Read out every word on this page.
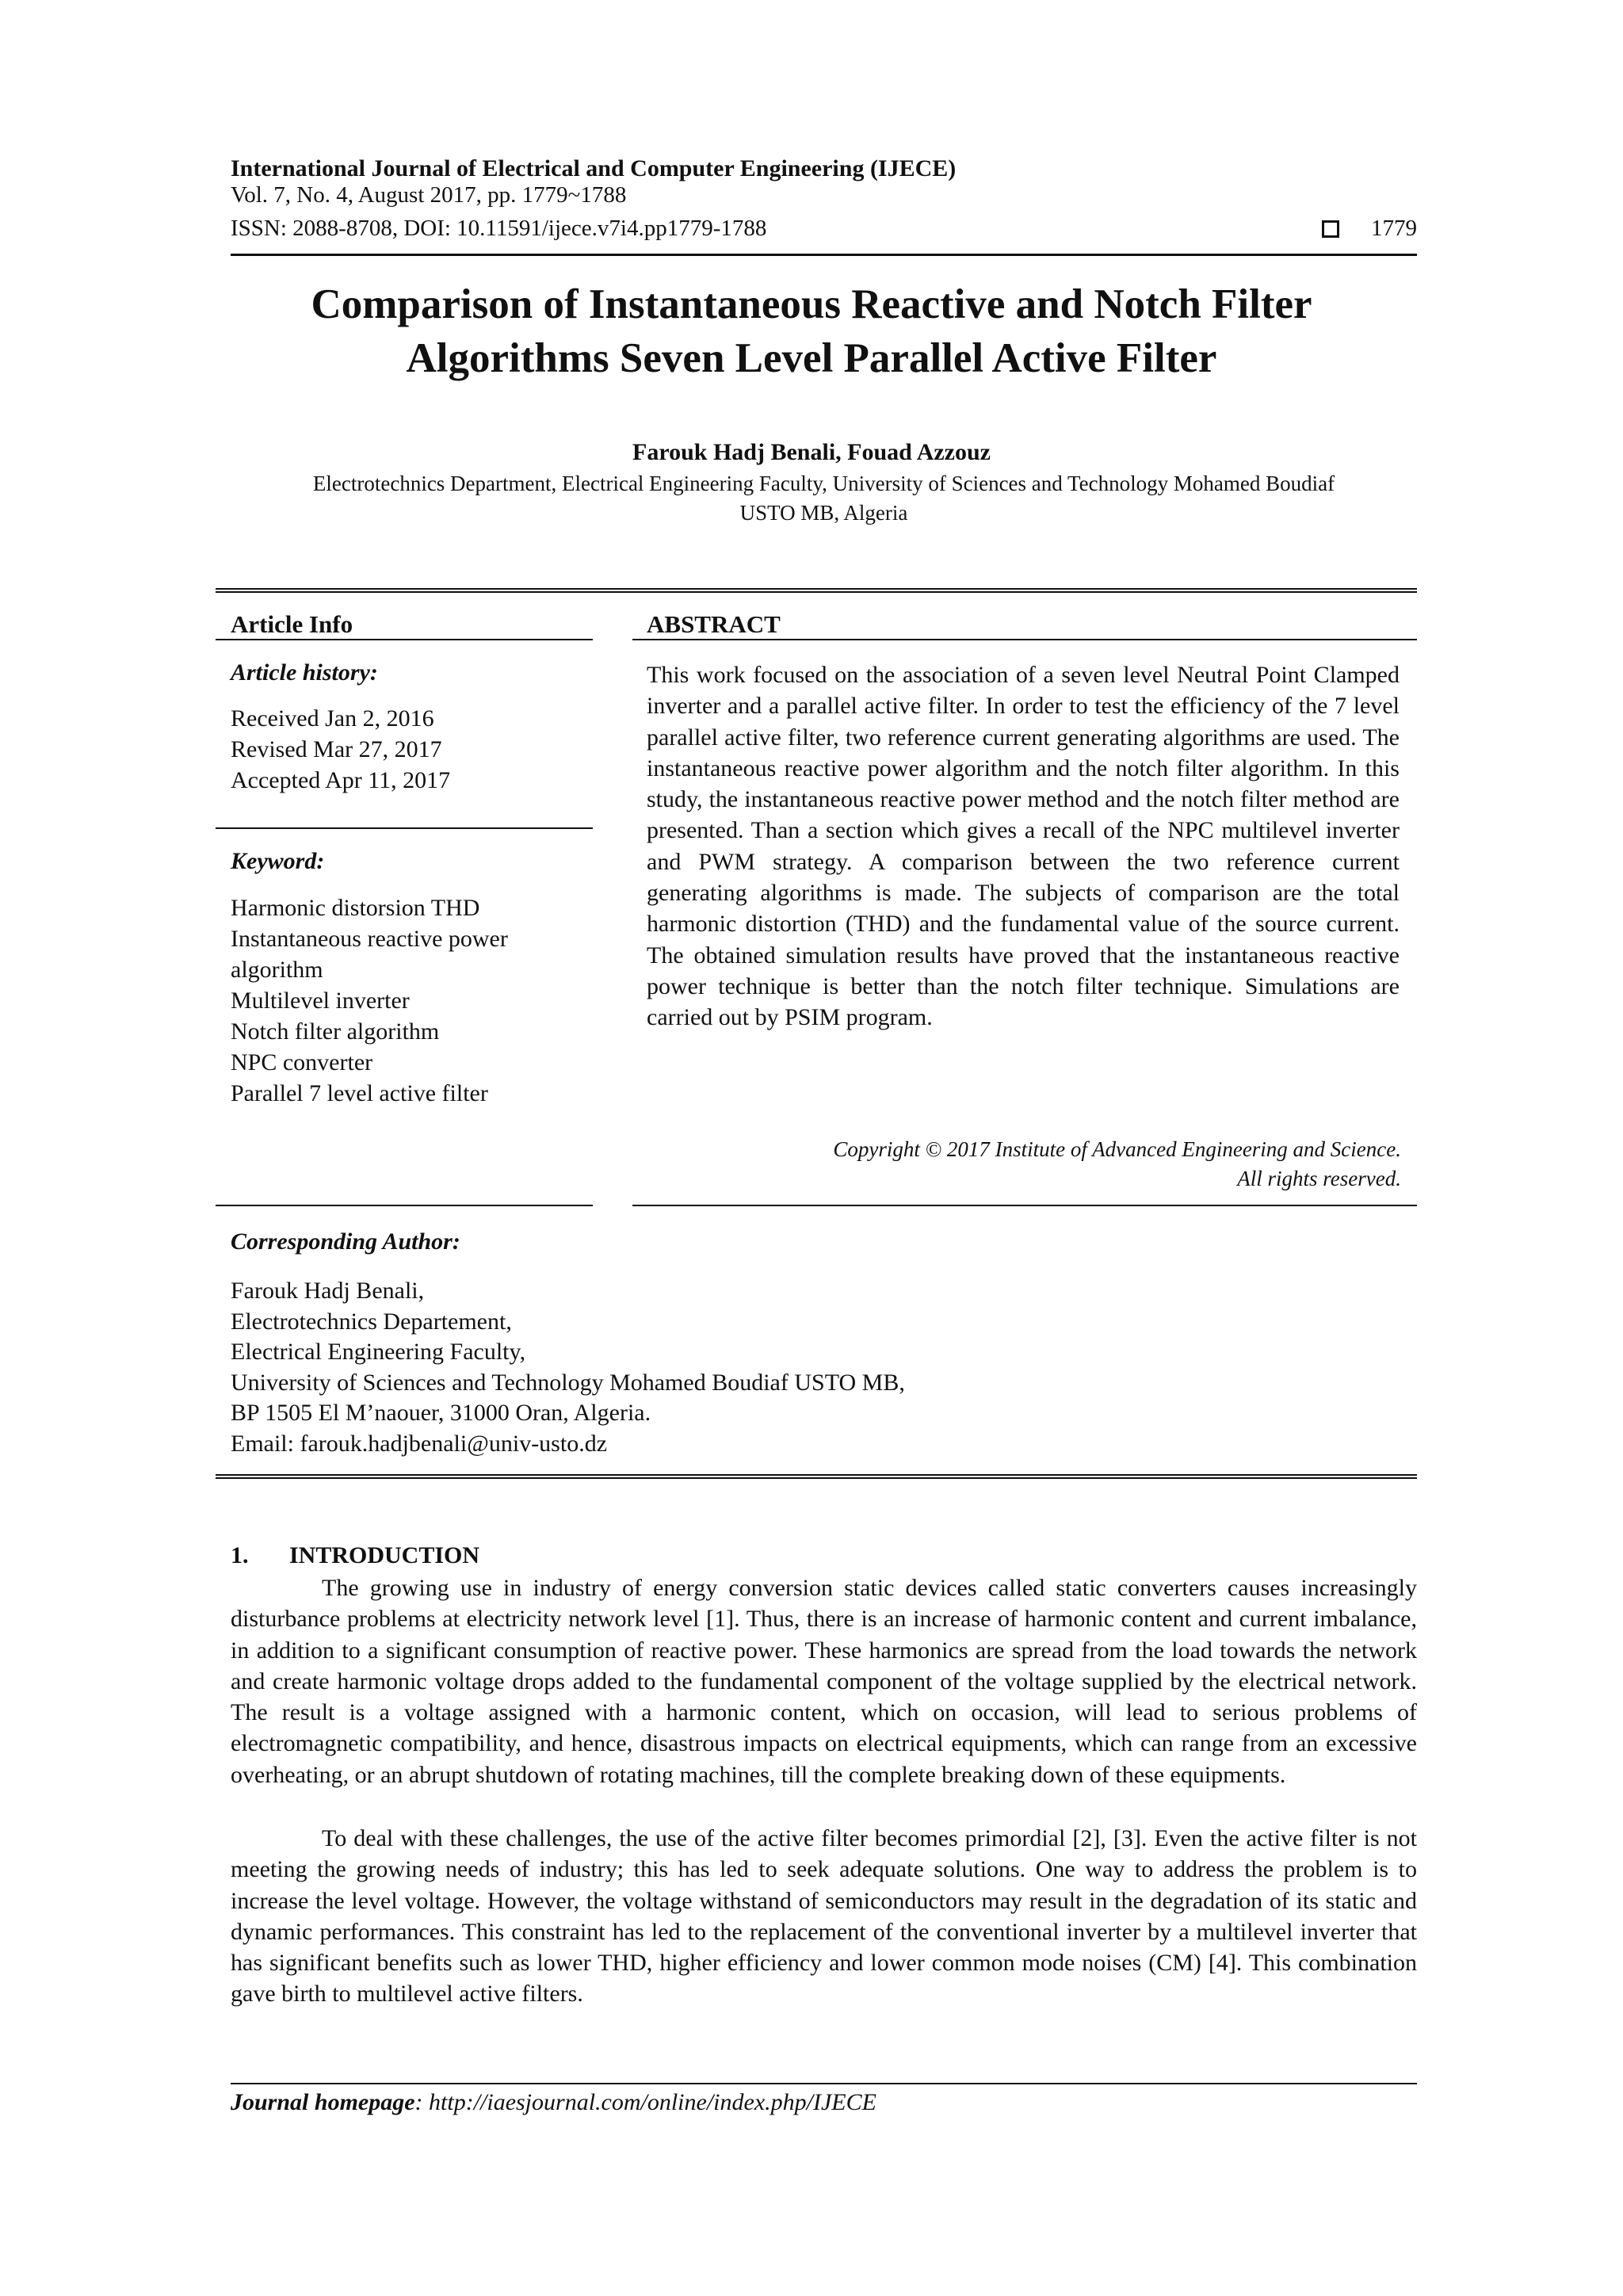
International Journal of Electrical and Computer Engineering (IJECE)
Vol. 7, No. 4, August 2017, pp. 1779~1788
ISSN: 2088-8708, DOI: 10.11591/ijece.v7i4.pp1779-1788	1779
Comparison of Instantaneous Reactive and Notch Filter
Algorithms Seven Level Parallel Active Filter
Farouk Hadj Benali, Fouad Azzouz
Electrotechnics Department, Electrical Engineering Faculty, University of Sciences and Technology Mohamed Boudiaf
USTO MB, Algeria
Article Info
Article history:
Received Jan 2, 2016
Revised Mar 27, 2017
Accepted Apr 11, 2017
Keyword:
Harmonic distorsion THD
Instantaneous reactive power
algorithm
Multilevel inverter
Notch filter algorithm
NPC converter
Parallel 7 level active filter
ABSTRACT
This work focused on the association of a seven level Neutral Point Clamped inverter and a parallel active filter. In order to test the efficiency of the 7 level parallel active filter, two reference current generating algorithms are used. The instantaneous reactive power algorithm and the notch filter algorithm. In this study, the instantaneous reactive power method and the notch filter method are presented. Than a section which gives a recall of the NPC multilevel inverter and PWM strategy. A comparison between the two reference current generating algorithms is made. The subjects of comparison are the total harmonic distortion (THD) and the fundamental value of the source current. The obtained simulation results have proved that the instantaneous reactive power technique is better than the notch filter technique. Simulations are carried out by PSIM program.
Copyright © 2017 Institute of Advanced Engineering and Science.
All rights reserved.
Corresponding Author:
Farouk Hadj Benali,
Electrotechnics Departement,
Electrical Engineering Faculty,
University of Sciences and Technology Mohamed Boudiaf USTO MB,
BP 1505 El M’naouer, 31000 Oran, Algeria.
Email: farouk.hadjbenali@univ-usto.dz
1. INTRODUCTION
The growing use in industry of energy conversion static devices called static converters causes increasingly disturbance problems at electricity network level [1]. Thus, there is an increase of harmonic content and current imbalance, in addition to a significant consumption of reactive power. These harmonics are spread from the load towards the network and create harmonic voltage drops added to the fundamental component of the voltage supplied by the electrical network. The result is a voltage assigned with a harmonic content, which on occasion, will lead to serious problems of electromagnetic compatibility, and hence, disastrous impacts on electrical equipments, which can range from an excessive overheating, or an abrupt shutdown of rotating machines, till the complete breaking down of these equipments.
To deal with these challenges, the use of the active filter becomes primordial [2], [3]. Even the active filter is not meeting the growing needs of industry; this has led to seek adequate solutions. One way to address the problem is to increase the level voltage. However, the voltage withstand of semiconductors may result in the degradation of its static and dynamic performances. This constraint has led to the replacement of the conventional inverter by a multilevel inverter that has significant benefits such as lower THD, higher efficiency and lower common mode noises (CM) [4]. This combination gave birth to multilevel active filters.
Journal homepage: http://iaesjournal.com/online/index.php/IJECE
